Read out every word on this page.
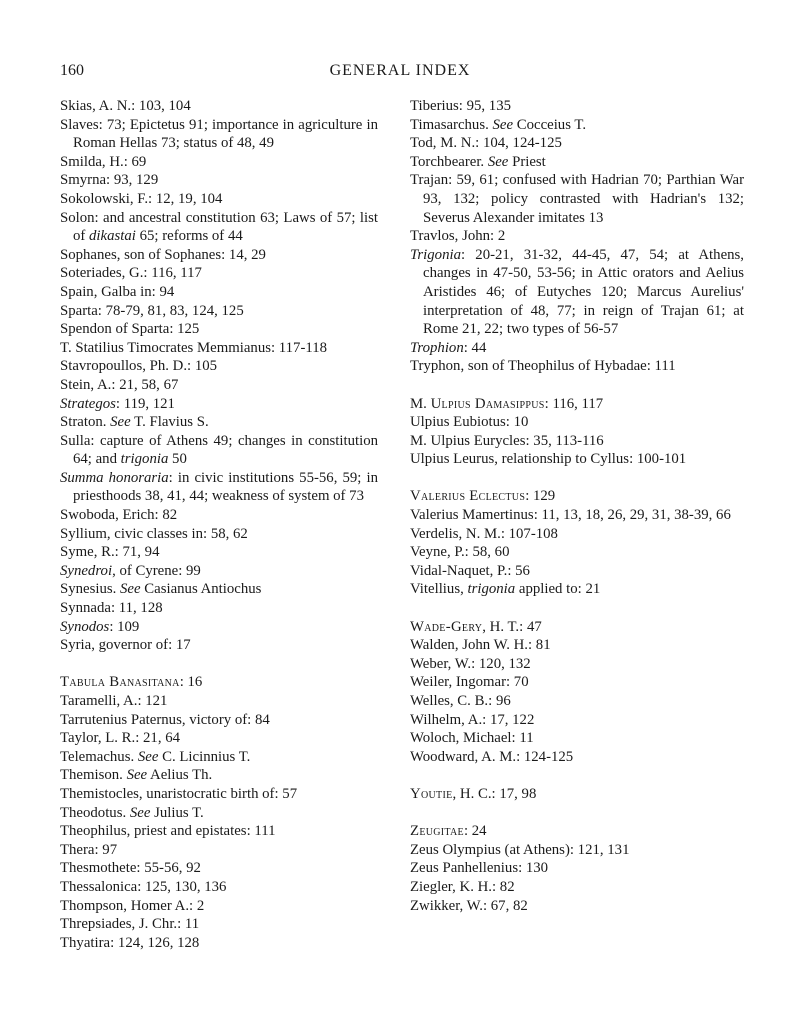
160	GENERAL INDEX
Skias, A. N.: 103, 104
Slaves: 73; Epictetus 91; importance in agriculture in Roman Hellas 73; status of 48, 49
Smilda, H.: 69
Smyrna: 93, 129
Sokolowski, F.: 12, 19, 104
Solon: and ancestral constitution 63; Laws of 57; list of dikastai 65; reforms of 44
Sophanes, son of Sophanes: 14, 29
Soteriades, G.: 116, 117
Spain, Galba in: 94
Sparta: 78-79, 81, 83, 124, 125
Spendon of Sparta: 125
T. Statilius Timocrates Memmianus: 117-118
Stavropoullos, Ph. D.: 105
Stein, A.: 21, 58, 67
Strategos: 119, 121
Straton. See T. Flavius S.
Sulla: capture of Athens 49; changes in constitution 64; and trigonia 50
Summa honoraria: in civic institutions 55-56, 59; in priesthoods 38, 41, 44; weakness of system of 73
Swoboda, Erich: 82
Syllium, civic classes in: 58, 62
Syme, R.: 71, 94
Synedroi, of Cyrene: 99
Synesius. See Casianus Antiochus
Synnada: 11, 128
Synodos: 109
Syria, governor of: 17
Tabula Banasitana: 16
Taramelli, A.: 121
Tarrutenius Paternus, victory of: 84
Taylor, L. R.: 21, 64
Telemachus. See C. Licinnius T.
Themison. See Aelius Th.
Themistocles, unaristocratic birth of: 57
Theodotus. See Julius T.
Theophilus, priest and epistates: 111
Thera: 97
Thesmothete: 55-56, 92
Thessalonica: 125, 130, 136
Thompson, Homer A.: 2
Threpsiades, J. Chr.: 11
Thyatira: 124, 126, 128
Tiberius: 95, 135
Timasarchus. See Cocceius T.
Tod, M. N.: 104, 124-125
Torchbearer. See Priest
Trajan: 59, 61; confused with Hadrian 70; Parthian War 93, 132; policy contrasted with Hadrian's 132; Severus Alexander imitates 13
Travlos, John: 2
Trigonia: 20-21, 31-32, 44-45, 47, 54; at Athens, changes in 47-50, 53-56; in Attic orators and Aelius Aristides 46; of Eutyches 120; Marcus Aurelius' interpretation of 48, 77; in reign of Trajan 61; at Rome 21, 22; two types of 56-57
Trophion: 44
Tryphon, son of Theophilus of Hybadae: 111
M. Ulpius Damasippus: 116, 117
Ulpius Eubiotus: 10
M. Ulpius Eurycles: 35, 113-116
Ulpius Leurus, relationship to Cyllus: 100-101
Valerius Eclectus: 129
Valerius Mamertinus: 11, 13, 18, 26, 29, 31, 38-39, 66
Verdelis, N. M.: 107-108
Veyne, P.: 58, 60
Vidal-Naquet, P.: 56
Vitellius, trigonia applied to: 21
Wade-Gery, H. T.: 47
Walden, John W. H.: 81
Weber, W.: 120, 132
Weiler, Ingomar: 70
Welles, C. B.: 96
Wilhelm, A.: 17, 122
Woloch, Michael: 11
Woodward, A. M.: 124-125
Youtie, H. C.: 17, 98
Zeugitae: 24
Zeus Olympius (at Athens): 121, 131
Zeus Panhellenius: 130
Ziegler, K. H.: 82
Zwikker, W.: 67, 82
